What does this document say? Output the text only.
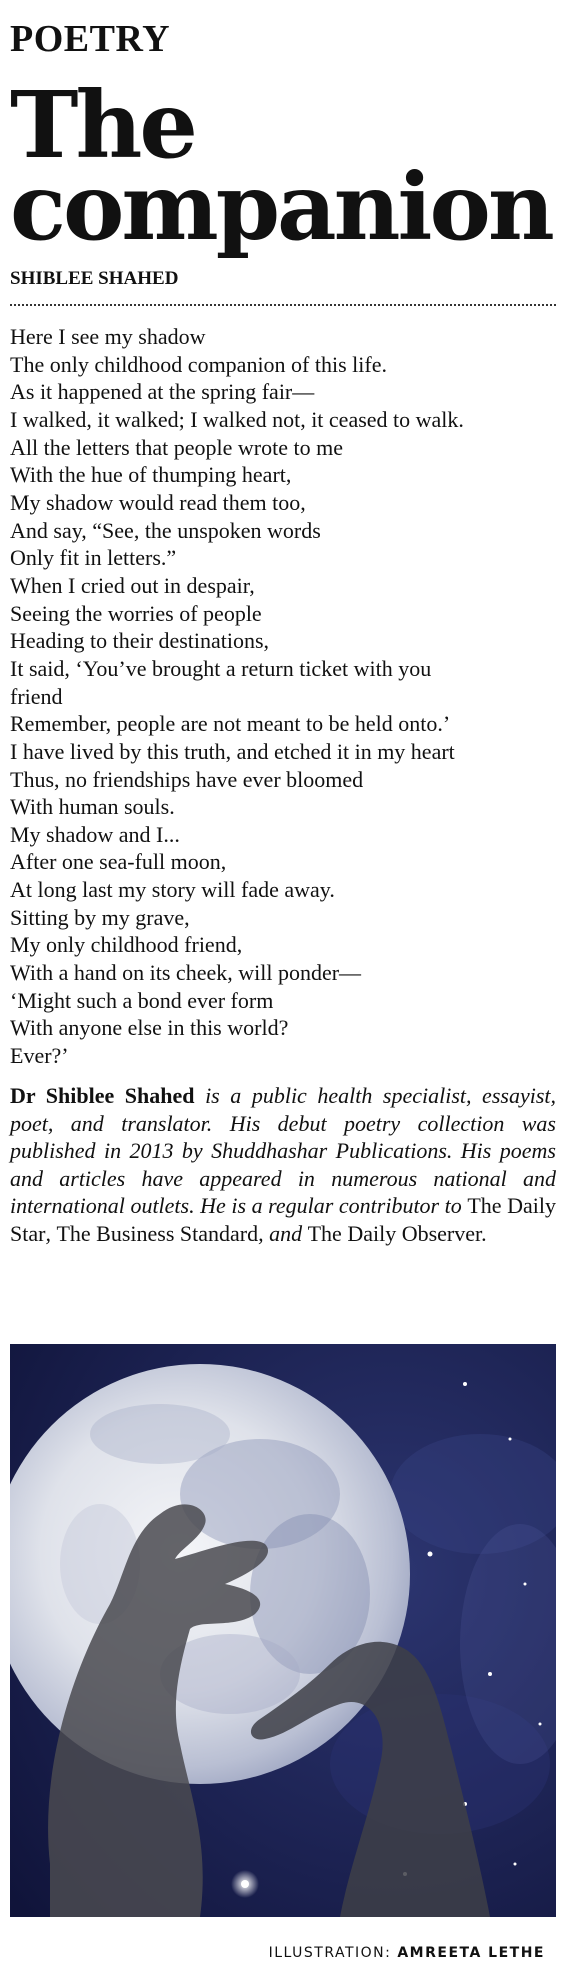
POETRY
The
companion
SHIBLEE SHAHED
Here I see my shadow
The only childhood companion of this life.
As it happened at the spring fair—
I walked, it walked; I walked not, it ceased to walk.
All the letters that people wrote to me
With the hue of thumping heart,
My shadow would read them too,
And say, “See, the unspoken words
Only fit in letters.”
When I cried out in despair,
Seeing the worries of people
Heading to their destinations,
It said, ‘You’ve brought a return ticket with you
friend
Remember, people are not meant to be held onto.’
I have lived by this truth, and etched it in my heart
Thus, no friendships have ever bloomed
With human souls.
My shadow and I...
After one sea-full moon,
At long last my story will fade away.
Sitting by my grave,
My only childhood friend,
With a hand on its cheek, will ponder—
‘Might such a bond ever form
With anyone else in this world?
Ever?’

Dr Shiblee Shahed is a public health specialist, essayist, poet, and translator. His debut poetry collection was published in 2013 by Shuddhashar Publications. His poems and articles have appeared in numerous national and international outlets. He is a regular contributor to The Daily Star, The Business Standard, and The Daily Observer.

ILLUSTRATION: AMREETA LETHE
